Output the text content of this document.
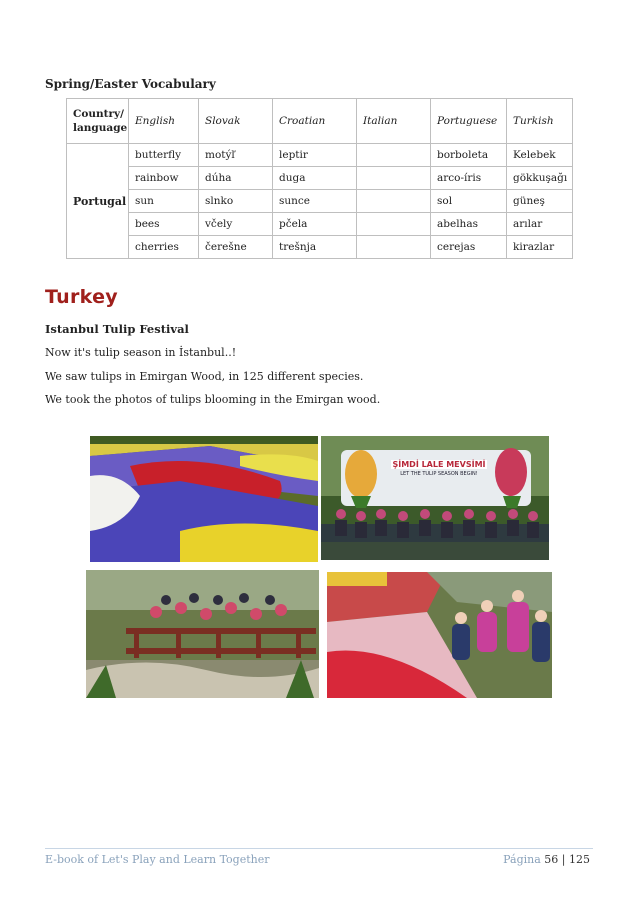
Spring/Easter Vocabulary
Country/ language	English	Slovak	Croatian	Italian	Portuguese	Turkish
Portugal	butterfly	motýľ	leptir		borboleta	Kelebek
	rainbow	dúha	duga		arco-íris	gökkuşağı
	sun	slnko	sunce		sol	güneş
	bees	včely	pčela		abelhas	arılar
	cherries	čerešne	trešnja		cerejas	kirazlar
Turkey
Istanbul Tulip Festival
Now it's tulip season in İstanbul..!
We saw tulips in Emirgan Wood, in 125 different species.
We took the photos of tulips blooming in the Emirgan wood.
ŞİMDİ LALE MEVSİMİ
LET THE TULIP SEASON BEGIN!
E-book of Let's Play and Learn Together	Página 56 | 125
